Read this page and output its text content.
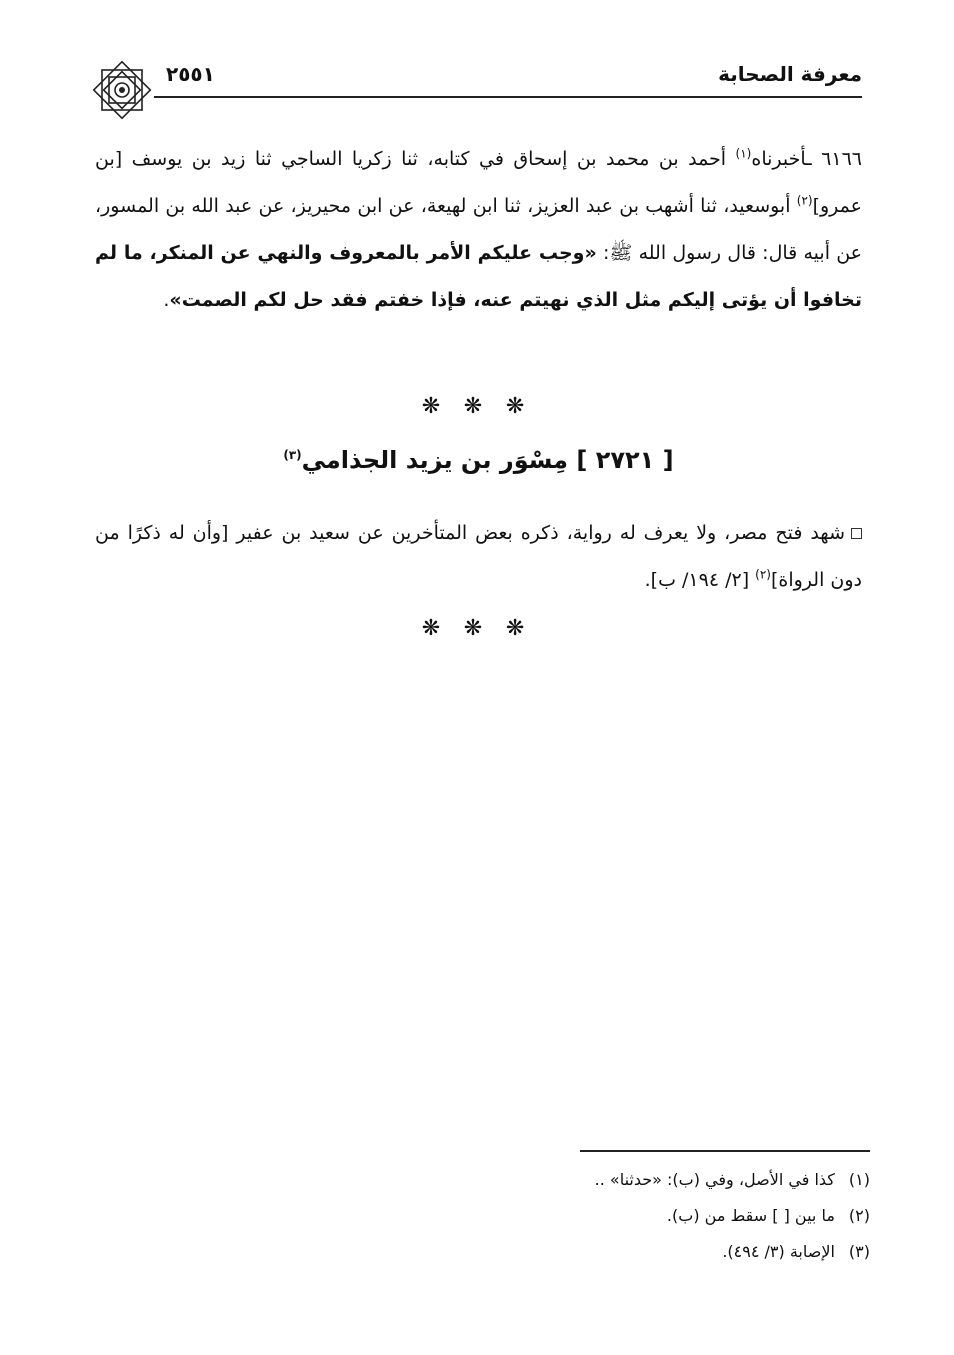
٢٥٥١	معرفة الصحابة
٦١٦٦ ـأخبرناه$^{(١)}$ أحمد بن محمد بن إسحاق في كتابه، ثنا زكريا الساجي ثنا زيد بن يوسف [بن عمرو]$^{(٢)}$ أبوسعيد، ثنا أشهب بن عبد العزيز، ثنا ابن لهيعة، عن ابن محيريز، عن عبد الله بن المسور، عن أبيه قال: قال رسول الله ﷺ: «وجب عليكم الأمر بالمعروف والنهي عن المنكر، ما لم تخافوا أن يؤتى إليكم مثل الذي نهيتم عنه، فإذا خفتم فقد حل لكم الصمت».
❋ ❋ ❋
[ ٢٧٢١ ] مِسْوَر بن يزيد الجذامي$^{(٣)}$
شهد فتح مصر، ولا يعرف له رواية، ذكره بعض المتأخرين عن سعيد بن عفير [وأن له ذكرًا من دون الرواة]$^{(٢)}$ [٢/ ١٩٤/ ب].
❋ ❋ ❋
(١) كذا في الأصل، وفي (ب): «حدثنا» ..
(٢) ما بين [ ] سقط من (ب).
(٣) الإصابة (٣/ ٤٩٤).
